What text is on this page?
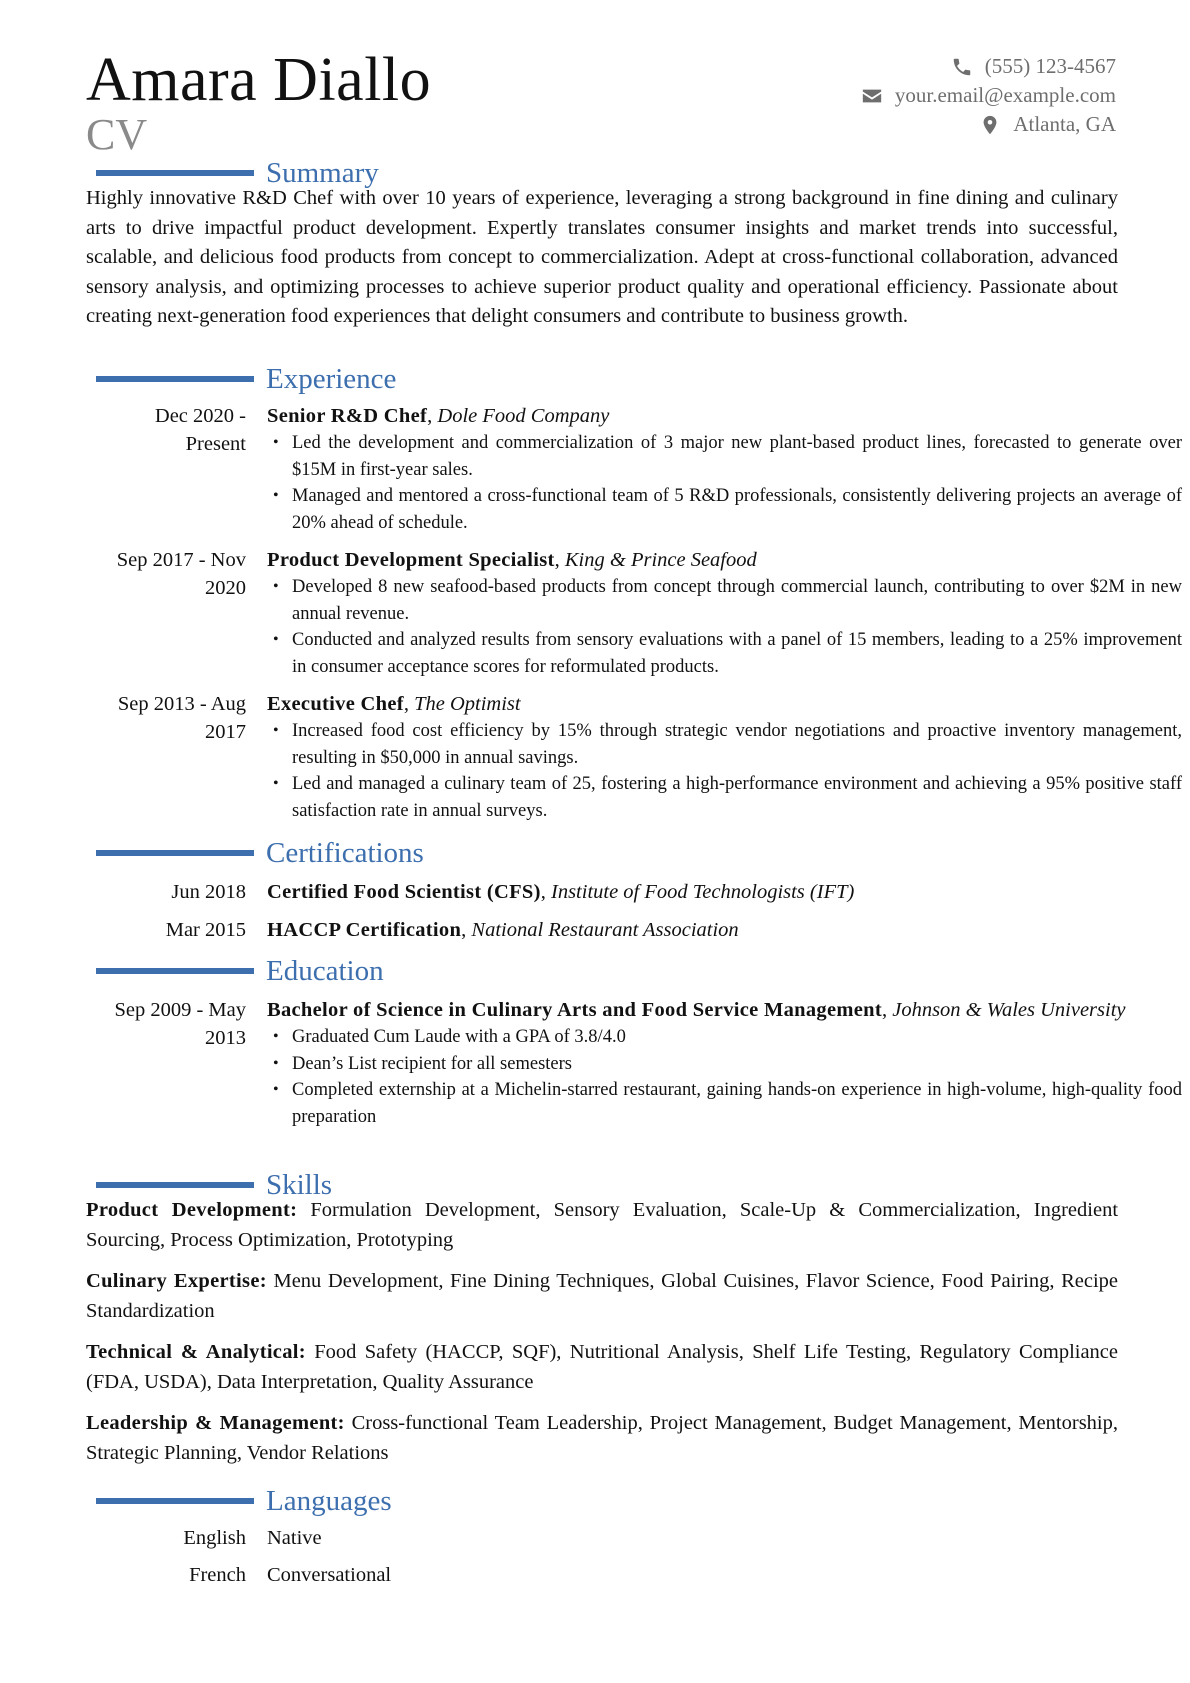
Amara Diallo
CV
(555) 123-4567
your.email@example.com
Atlanta, GA
Summary
Highly innovative R&D Chef with over 10 years of experience, leveraging a strong background in fine dining and culinary arts to drive impactful product development. Expertly translates consumer insights and market trends into successful, scalable, and delicious food products from concept to commercialization. Adept at cross-functional collaboration, advanced sensory analysis, and optimizing processes to achieve superior product quality and operational efficiency. Passionate about creating next-generation food experiences that delight consumers and contribute to business growth.
Experience
Dec 2020 -
Present
Senior R&D Chef, Dole Food Company
• Led the development and commercialization of 3 major new plant-based product lines, forecasted to generate over $15M in first-year sales.
• Managed and mentored a cross-functional team of 5 R&D professionals, consistently delivering projects an average of 20% ahead of schedule.
Sep 2017 - Nov
2020
Product Development Specialist, King & Prince Seafood
• Developed 8 new seafood-based products from concept through commercial launch, contributing to over $2M in new annual revenue.
• Conducted and analyzed results from sensory evaluations with a panel of 15 members, leading to a 25% improvement in consumer acceptance scores for reformulated products.
Sep 2013 - Aug
2017
Executive Chef, The Optimist
• Increased food cost efficiency by 15% through strategic vendor negotiations and proactive inventory management, resulting in $50,000 in annual savings.
• Led and managed a culinary team of 25, fostering a high-performance environment and achieving a 95% positive staff satisfaction rate in annual surveys.
Certifications
Jun 2018 Certified Food Scientist (CFS), Institute of Food Technologists (IFT)
Mar 2015 HACCP Certification, National Restaurant Association
Education
Sep 2009 - May
2013
Bachelor of Science in Culinary Arts and Food Service Management, Johnson & Wales University
• Graduated Cum Laude with a GPA of 3.8/4.0
• Dean’s List recipient for all semesters
• Completed externship at a Michelin-starred restaurant, gaining hands-on experience in high-volume, high-quality food preparation
Skills
Product Development: Formulation Development, Sensory Evaluation, Scale-Up & Commercialization, Ingredient Sourcing, Process Optimization, Prototyping
Culinary Expertise: Menu Development, Fine Dining Techniques, Global Cuisines, Flavor Science, Food Pairing, Recipe Standardization
Technical & Analytical: Food Safety (HACCP, SQF), Nutritional Analysis, Shelf Life Testing, Regulatory Compliance (FDA, USDA), Data Interpretation, Quality Assurance
Leadership & Management: Cross-functional Team Leadership, Project Management, Budget Management, Mentorship, Strategic Planning, Vendor Relations
Languages
English Native
French Conversational
